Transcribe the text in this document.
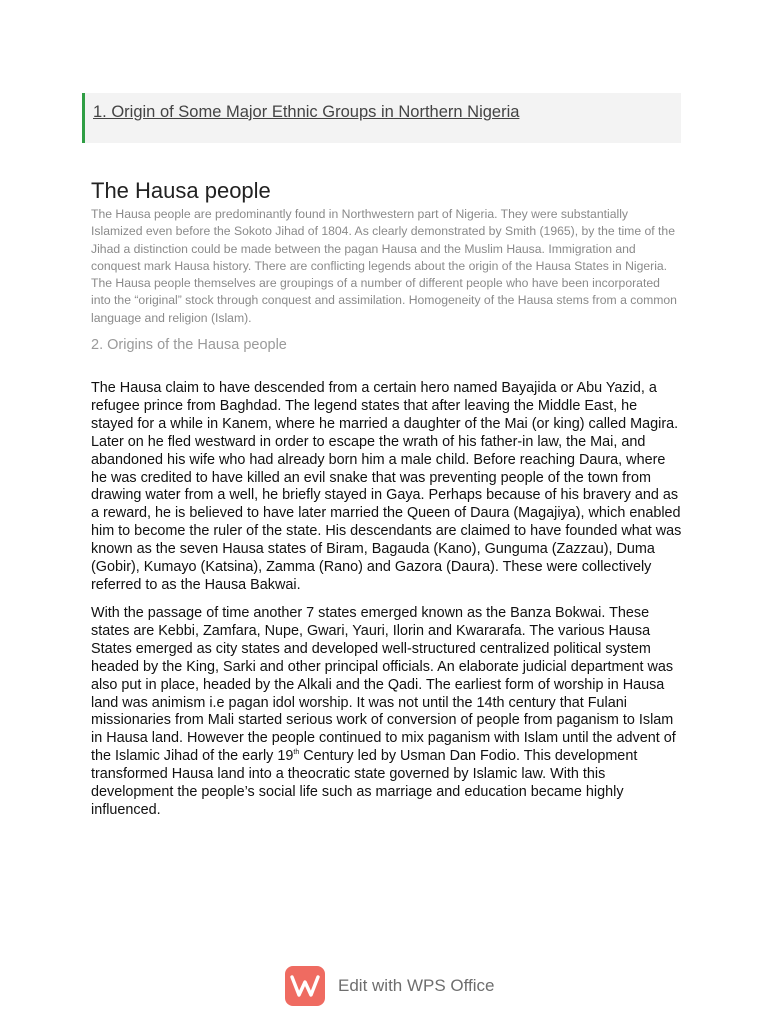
1. Origin of Some Major Ethnic Groups in Northern Nigeria
The Hausa people

The Hausa people are predominantly found in Northwestern part of Nigeria. They were substantially Islamized even before the Sokoto Jihad of 1804. As clearly demonstrated by Smith (1965), by the time of the Jihad a distinction could be made between the pagan Hausa and the Muslim Hausa. Immigration and conquest mark Hausa history. There are conflicting legends about the origin of the Hausa States in Nigeria. The Hausa people themselves are groupings of a number of different people who have been incorporated into the “original” stock through conquest and assimilation. Homogeneity of the Hausa stems from a common language and religion (Islam).

2. Origins of the Hausa people

The Hausa claim to have descended from a certain hero named Bayajida or Abu Yazid, a refugee prince from Baghdad. The legend states that after leaving the Middle East, he stayed for a while in Kanem, where he married a daughter of the Mai (or king) called Magira. Later on he fled westward in order to escape the wrath of his father-in law, the Mai, and abandoned his wife who had already born him a male child. Before reaching Daura, where he was credited to have killed an evil snake that was preventing people of the town from drawing water from a well, he briefly stayed in Gaya. Perhaps because of his bravery and as a reward, he is believed to have later married the Queen of Daura (Magajiya), which enabled him to become the ruler of the state. His descendants are claimed to have founded what was known as the seven Hausa states of Biram, Bagauda (Kano), Gunguma (Zazzau), Duma (Gobir), Kumayo (Katsina), Zamma (Rano) and Gazora (Daura). These were collectively referred to as the Hausa Bakwai.

With the passage of time another 7 states emerged known as the Banza Bokwai. These states are Kebbi, Zamfara, Nupe, Gwari, Yauri, Ilorin and Kwararafa. The various Hausa States emerged as city states and developed well-structured centralized political system headed by the King, Sarki and other principal officials. An elaborate judicial department was also put in place, headed by the Alkali and the Qadi. The earliest form of worship in Hausa land was animism i.e pagan idol worship. It was not until the 14th century that Fulani missionaries from Mali started serious work of conversion of people from paganism to Islam in Hausa land. However the people continued to mix paganism with Islam until the advent of the Islamic Jihad of the early 19th Century led by Usman Dan Fodio. This development transformed Hausa land into a theocratic state governed by Islamic law. With this development the people’s social life such as marriage and education became highly influenced.

Edit with WPS Office
